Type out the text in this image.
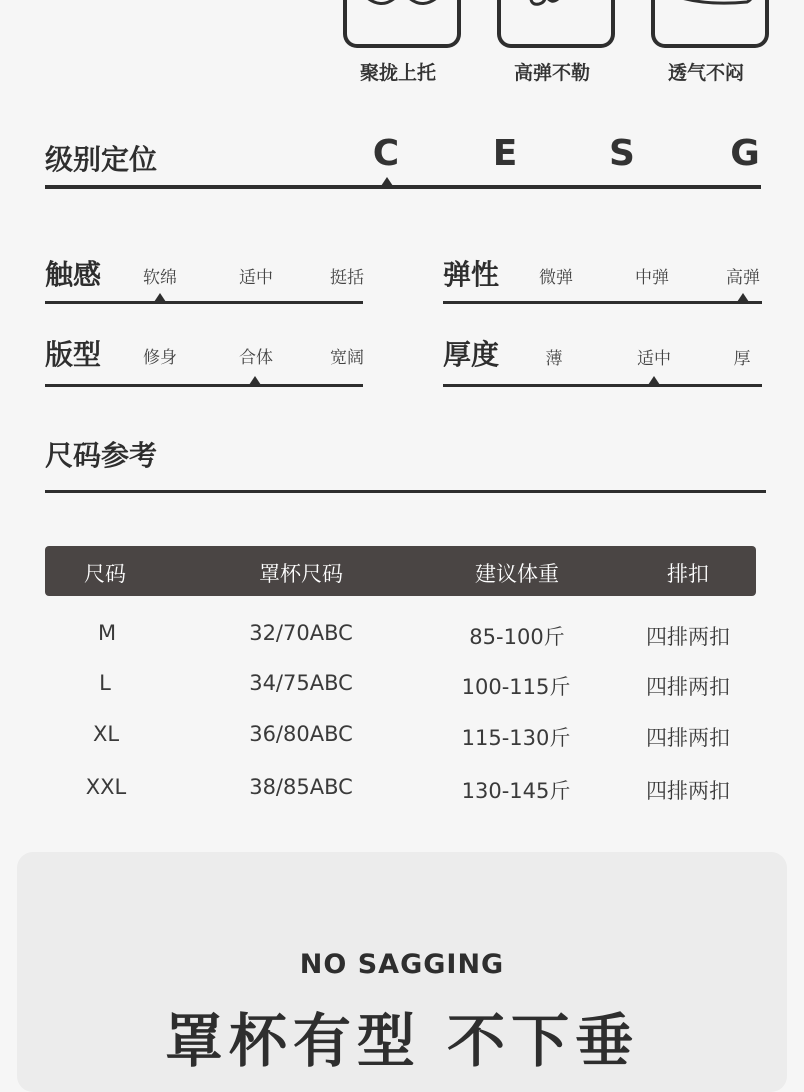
聚拢上托	高弹不勒	透气不闷
级别定位	C	E	S	G
触感	软绵	适中	挺括	弹性	微弹	中弹	高弹
版型	修身	合体	宽阔	厚度	薄	适中	厚
尺码参考
尺码	罩杯尺码	建议体重	排扣
M	32/70ABC	85-100斤	四排两扣
L	34/75ABC	100-115斤	四排两扣
XL	36/80ABC	115-130斤	四排两扣
XXL	38/85ABC	130-145斤	四排两扣
NO SAGGING
罩杯有型 不下垂
